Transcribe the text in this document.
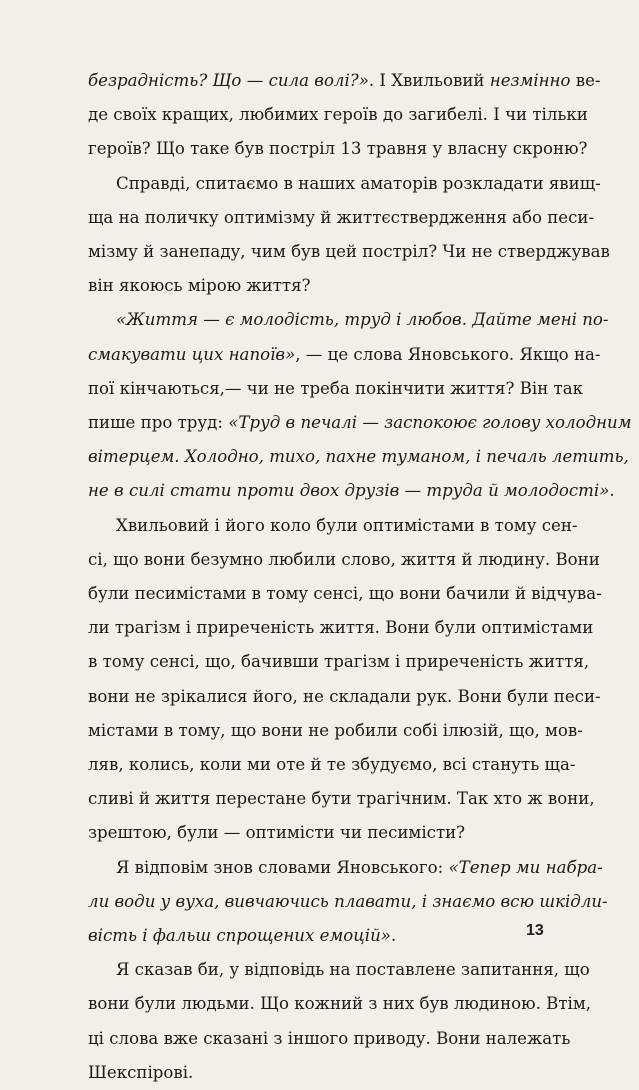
безрадність? Що — сила волі?». І Хвильовий незмінно ве-
де своїх кращих, любимих героїв до загибелі. І чи тільки
героїв? Що таке був постріл 13 травня у власну скроню?
Справді, спитаємо в наших аматорів розкладати явищ-
ща на поличку оптимізму й життєствердження або песи-
мізму й занепаду, чим був цей постріл? Чи не стверджував
він якоюсь мірою життя?
«Життя — є молодість, труд і любов. Дайте мені по-
смакувати цих напоїв», — це слова Яновського. Якщо на-
пої кінчаються,— чи не треба покінчити життя? Він так
пише про труд: «Труд в печалі — заспокоює голову холодним
вітерцем. Холодно, тихо, пахне туманом, і печаль летить,
не в силі стати проти двох друзів — труда й молодості».
Хвильовий і його коло були оптимістами в тому сен-
сі, що вони безумно любили слово, життя й людину. Вони
були песимістами в тому сенсі, що вони бачили й відчува-
ли трагізм і приреченість життя. Вони були оптимістами
в тому сенсі, що, бачивши трагізм і приреченість життя,
вони не зрікалися його, не складали рук. Вони були песи-
містами в тому, що вони не робили собі ілюзій, що, мов-
ляв, колись, коли ми оте й те збудуємо, всі стануть ща-
сливі й життя перестане бути трагічним. Так хто ж вони,
зрештою, були — оптимісти чи песимісти?
Я відповім знов словами Яновського: «Тепер ми набра-
ли води у вуха, вивчаючись плавати, і знаємо всю шкідли-
вість і фальш спрощених емоцій».
Я сказав би, у відповідь на поставлене запитання, що
вони були людьми. Що кожний з них був людиною. Втім,
ці слова вже сказані з іншого приводу. Вони належать
Шекспірові.
13
